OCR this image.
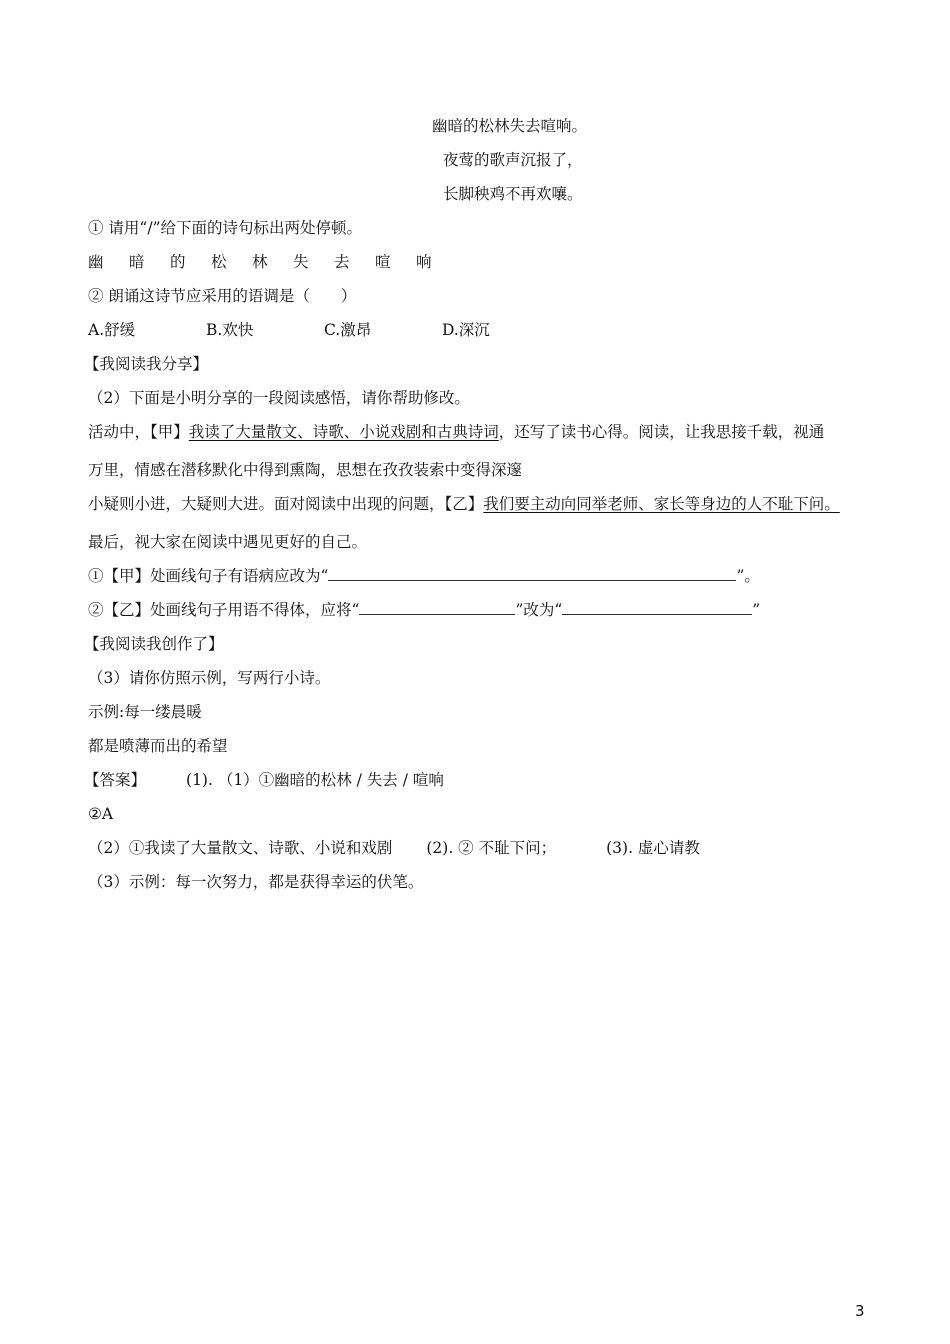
幽暗的松林失去喧响。
夜莺的歌声沉报了，
长脚秧鸡不再欢嚷。
① 请用“/”给下面的诗句标出两处停顿。
幽 暗 的 松 林 失 去 喧 响
② 朗诵这诗节应采用的语调是（　　）
A.舒缓	B.欢快	C.激昂	D.深沉
【我阅读我分享】
（2）下面是小明分享的一段阅读感悟，请你帮助修改。
活动中，【甲】我读了大量散文、诗歌、小说戏剧和古典诗词，还写了读书心得。阅读，让我思接千载，视通
万里，情感在潜移默化中得到熏陶，思想在孜孜装索中变得深邃
小疑则小进，大疑则大进。面对阅读中出现的问题，【乙】我们要主动向同举老师、家长等身边的人不耻下问。
最后，视大家在阅读中遇见更好的自己。
①【甲】处画线句子有语病应改为“	”。
②【乙】处画线句子用语不得体，应将“	”改为“	”
【我阅读我创作了】
（3）请你仿照示例，写两行小诗。
示例:每一缕晨暖
都是喷薄而出的希望
【答案】	(1). （1）①幽暗的松林 / 失去 / 喧响
②A
（2）①我读了大量散文、诗歌、小说和戏剧 (2). ② 不耻下问；	(3). 虚心请教
（3）示例：每一次努力，都是获得幸运的伏笔。
3
